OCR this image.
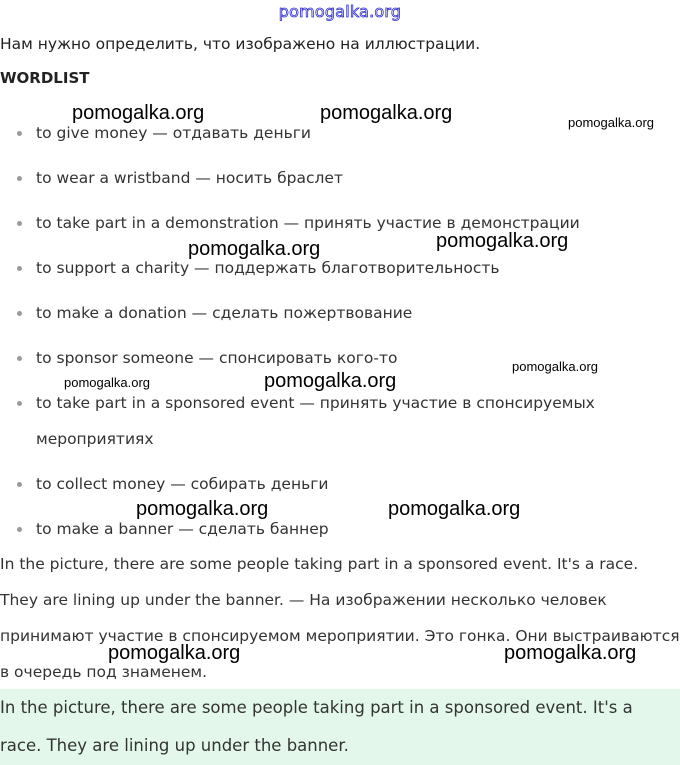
pomogalka.org
Нам нужно определить, что изображено на иллюстрации.
WORDLIST
to give money — отдавать деньги
to wear a wristband — носить браслет
to take part in a demonstration — принять участие в демонстрации
to support a charity — поддержать благотворительность
to make a donation — сделать пожертвование
to sponsor someone — спонсировать кого-то
to take part in a sponsored event — принять участие в спонсируемых мероприятиях
to collect money — собирать деньги
to make a banner — сделать баннер

In the picture, there are some people taking part in a sponsored event. It's a race. They are lining up under the banner. — На изображении несколько человек принимают участие в спонсируемом мероприятии. Это гонка. Они выстраиваются в очередь под знаменем.

In the picture, there are some people taking part in a sponsored event. It's a race. They are lining up under the banner.

pomogalka.org	pomogalka.org	pomogalka.org
pomogalka.org	pomogalka.org
pomogalka.org
pomogalka.org	pomogalka.org
pomogalka.org	pomogalka.org
pomogalka.org	pomogalka.org
